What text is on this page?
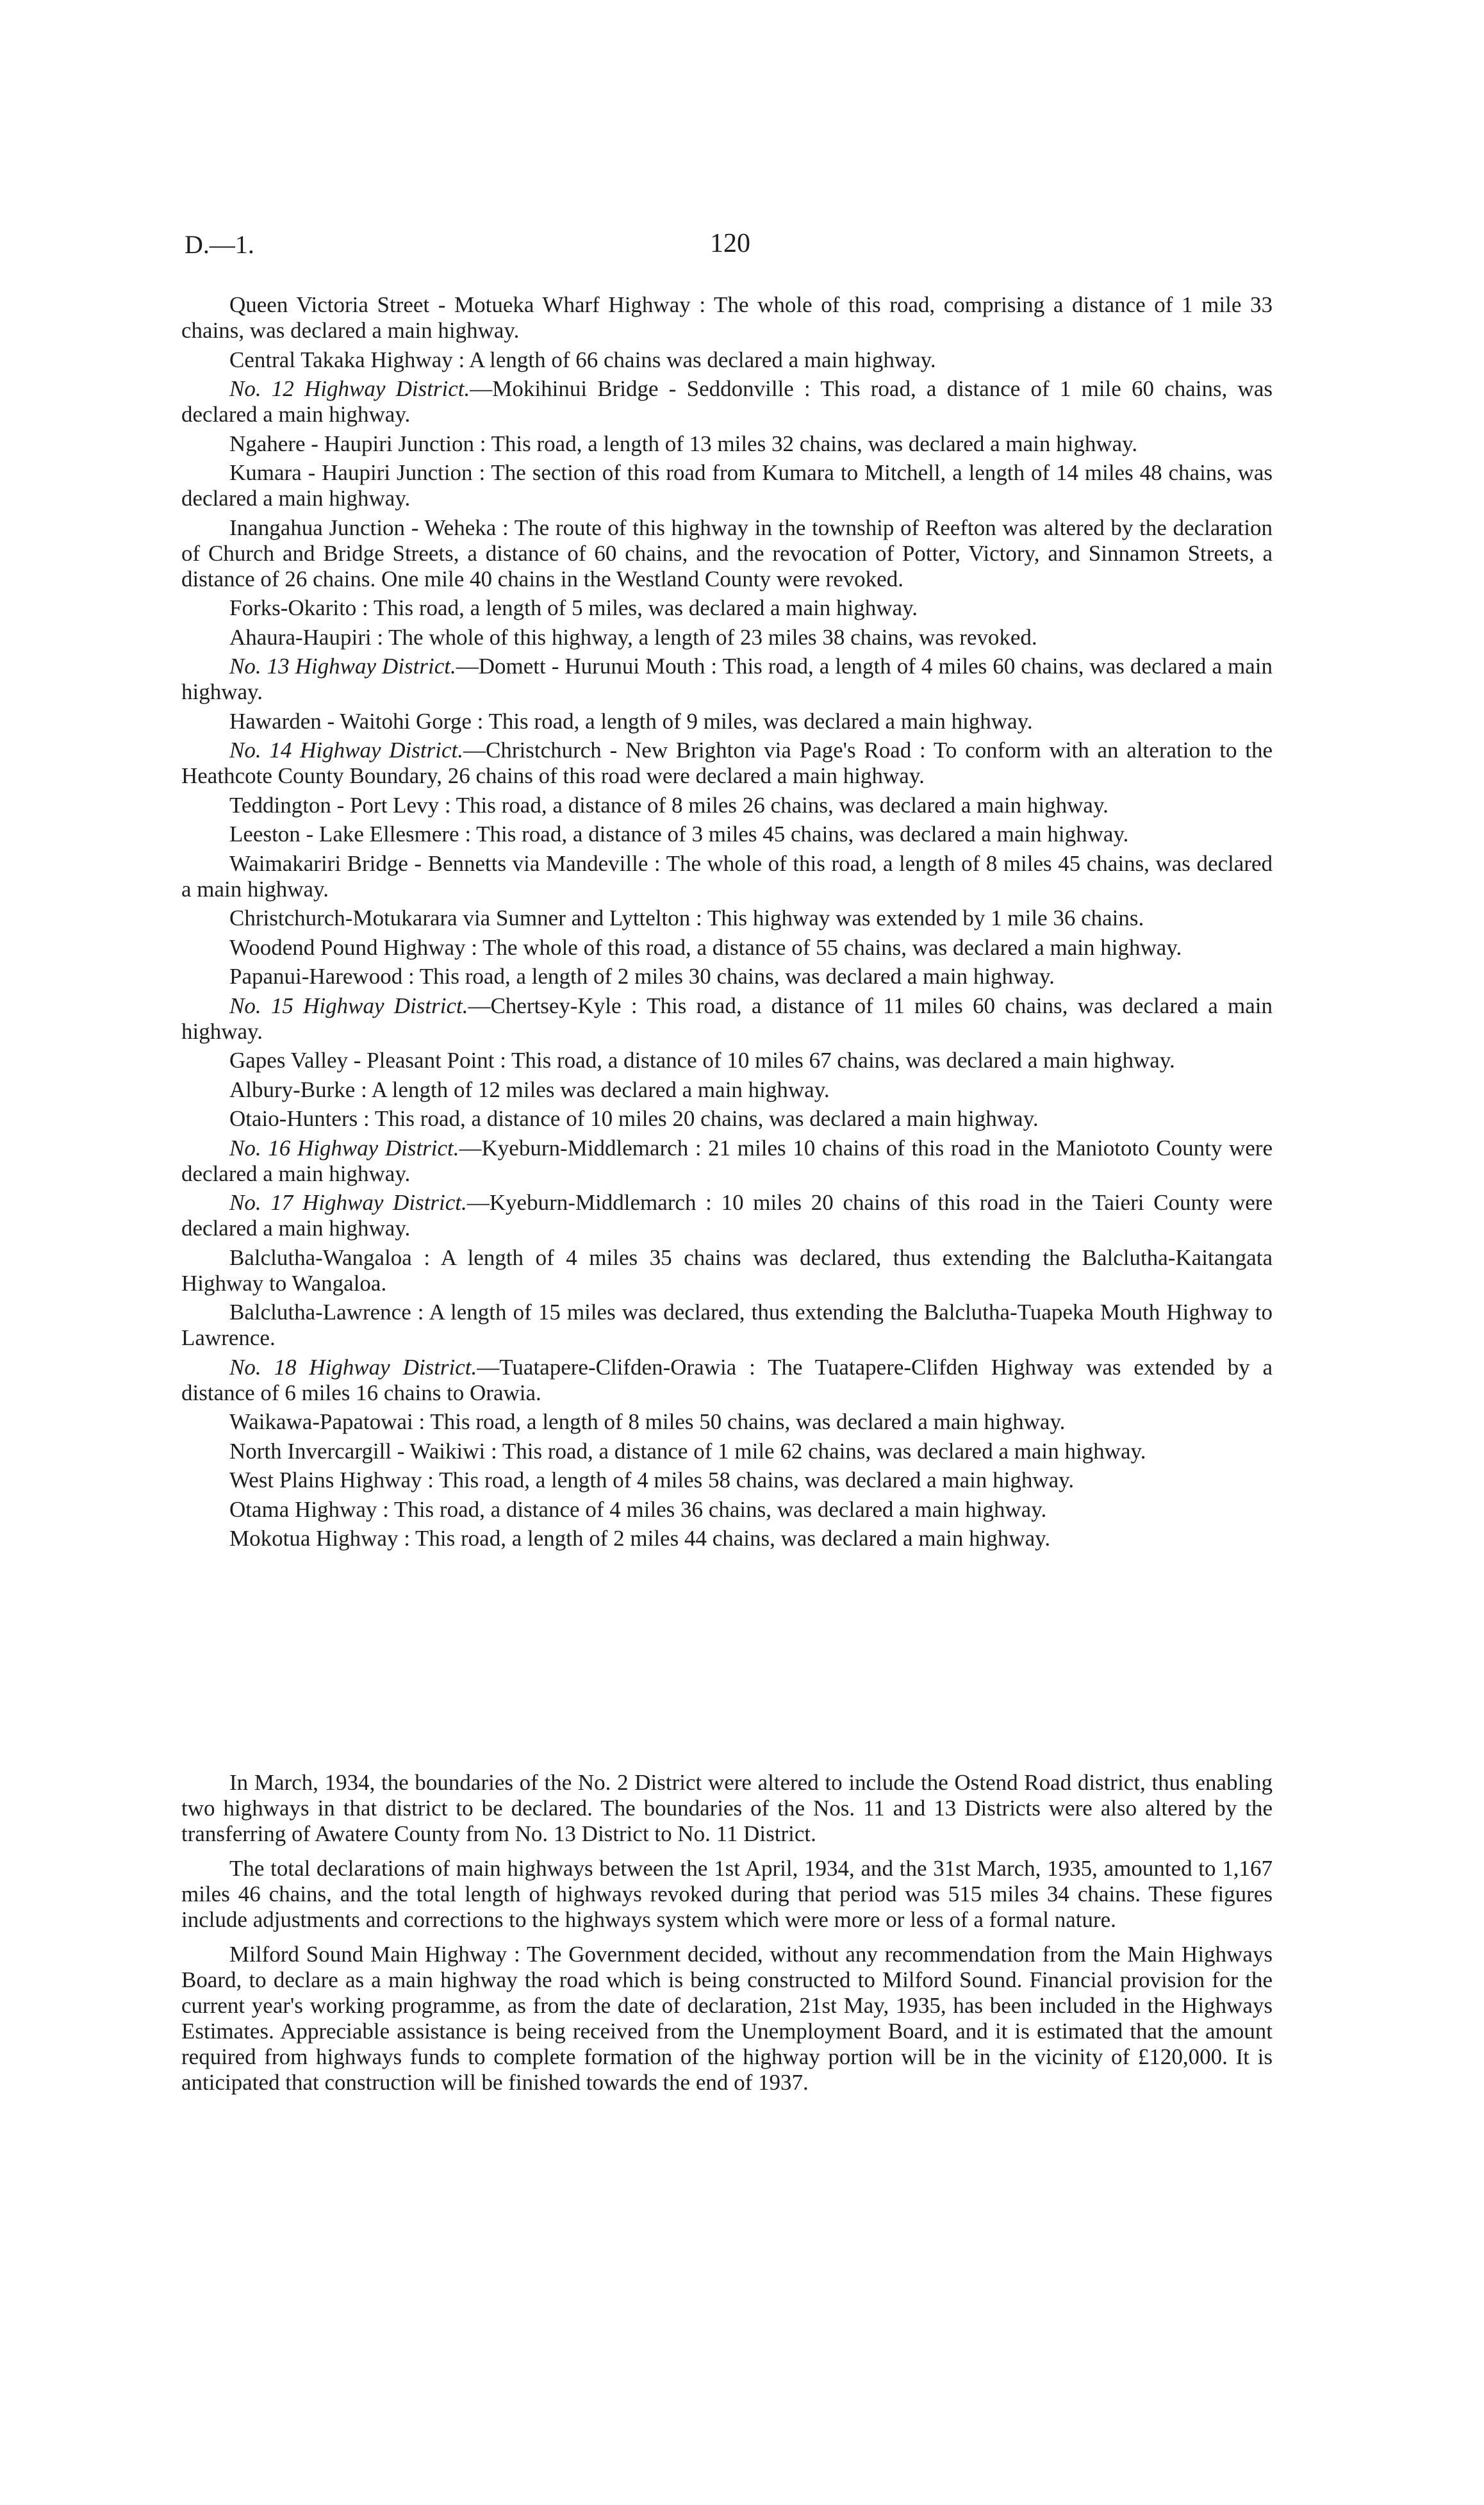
D.—1.	120

Queen Victoria Street - Motueka Wharf Highway : The whole of this road, comprising a distance of 1 mile 33 chains, was declared a main highway.

Central Takaka Highway : A length of 66 chains was declared a main highway.

No. 12 Highway District.—Mokihinui Bridge - Seddonville : This road, a distance of 1 mile 60 chains, was declared a main highway.

Ngahere - Haupiri Junction : This road, a length of 13 miles 32 chains, was declared a main highway.

Kumara - Haupiri Junction : The section of this road from Kumara to Mitchell, a length of 14 miles 48 chains, was declared a main highway.

Inangahua Junction - Weheka : The route of this highway in the township of Reefton was altered by the declaration of Church and Bridge Streets, a distance of 60 chains, and the revocation of Potter, Victory, and Sinnamon Streets, a distance of 26 chains. One mile 40 chains in the Westland County were revoked.

Forks-Okarito : This road, a length of 5 miles, was declared a main highway.

Ahaura-Haupiri : The whole of this highway, a length of 23 miles 38 chains, was revoked.

No. 13 Highway District.—Domett - Hurunui Mouth : This road, a length of 4 miles 60 chains, was declared a main highway.

Hawarden - Waitohi Gorge : This road, a length of 9 miles, was declared a main highway.

No. 14 Highway District.—Christchurch - New Brighton via Page's Road : To conform with an alteration to the Heathcote County Boundary, 26 chains of this road were declared a main highway.

Teddington - Port Levy : This road, a distance of 8 miles 26 chains, was declared a main highway.

Leeston - Lake Ellesmere : This road, a distance of 3 miles 45 chains, was declared a main highway.

Waimakariri Bridge - Bennetts via Mandeville : The whole of this road, a length of 8 miles 45 chains, was declared a main highway.

Christchurch-Motukarara via Sumner and Lyttelton : This highway was extended by 1 mile 36 chains.

Woodend Pound Highway : The whole of this road, a distance of 55 chains, was declared a main highway.

Papanui-Harewood : This road, a length of 2 miles 30 chains, was declared a main highway.

No. 15 Highway District.—Chertsey-Kyle : This road, a distance of 11 miles 60 chains, was declared a main highway.

Gapes Valley - Pleasant Point : This road, a distance of 10 miles 67 chains, was declared a main highway.

Albury-Burke : A length of 12 miles was declared a main highway.

Otaio-Hunters : This road, a distance of 10 miles 20 chains, was declared a main highway.

No. 16 Highway District.—Kyeburn-Middlemarch : 21 miles 10 chains of this road in the Maniototo County were declared a main highway.

No. 17 Highway District.—Kyeburn-Middlemarch : 10 miles 20 chains of this road in the Taieri County were declared a main highway.

Balclutha-Wangaloa : A length of 4 miles 35 chains was declared, thus extending the Balclutha-Kaitangata Highway to Wangaloa.

Balclutha-Lawrence : A length of 15 miles was declared, thus extending the Balclutha-Tuapeka Mouth Highway to Lawrence.

No. 18 Highway District.—Tuatapere-Clifden-Orawia : The Tuatapere-Clifden Highway was extended by a distance of 6 miles 16 chains to Orawia.

Waikawa-Papatowai : This road, a length of 8 miles 50 chains, was declared a main highway.

North Invercargill - Waikiwi : This road, a distance of 1 mile 62 chains, was declared a main highway.

West Plains Highway : This road, a length of 4 miles 58 chains, was declared a main highway.

Otama Highway : This road, a distance of 4 miles 36 chains, was declared a main highway.

Mokotua Highway : This road, a length of 2 miles 44 chains, was declared a main highway.

In March, 1934, the boundaries of the No. 2 District were altered to include the Ostend Road district, thus enabling two highways in that district to be declared. The boundaries of the Nos. 11 and 13 Districts were also altered by the transferring of Awatere County from No. 13 District to No. 11 District.

The total declarations of main highways between the 1st April, 1934, and the 31st March, 1935, amounted to 1,167 miles 46 chains, and the total length of highways revoked during that period was 515 miles 34 chains. These figures include adjustments and corrections to the highways system which were more or less of a formal nature.

Milford Sound Main Highway : The Government decided, without any recommendation from the Main Highways Board, to declare as a main highway the road which is being constructed to Milford Sound. Financial provision for the current year's working programme, as from the date of declaration, 21st May, 1935, has been included in the Highways Estimates. Appreciable assistance is being received from the Unemployment Board, and it is estimated that the amount required from highways funds to complete formation of the highway portion will be in the vicinity of £120,000. It is anticipated that construction will be finished towards the end of 1937.
